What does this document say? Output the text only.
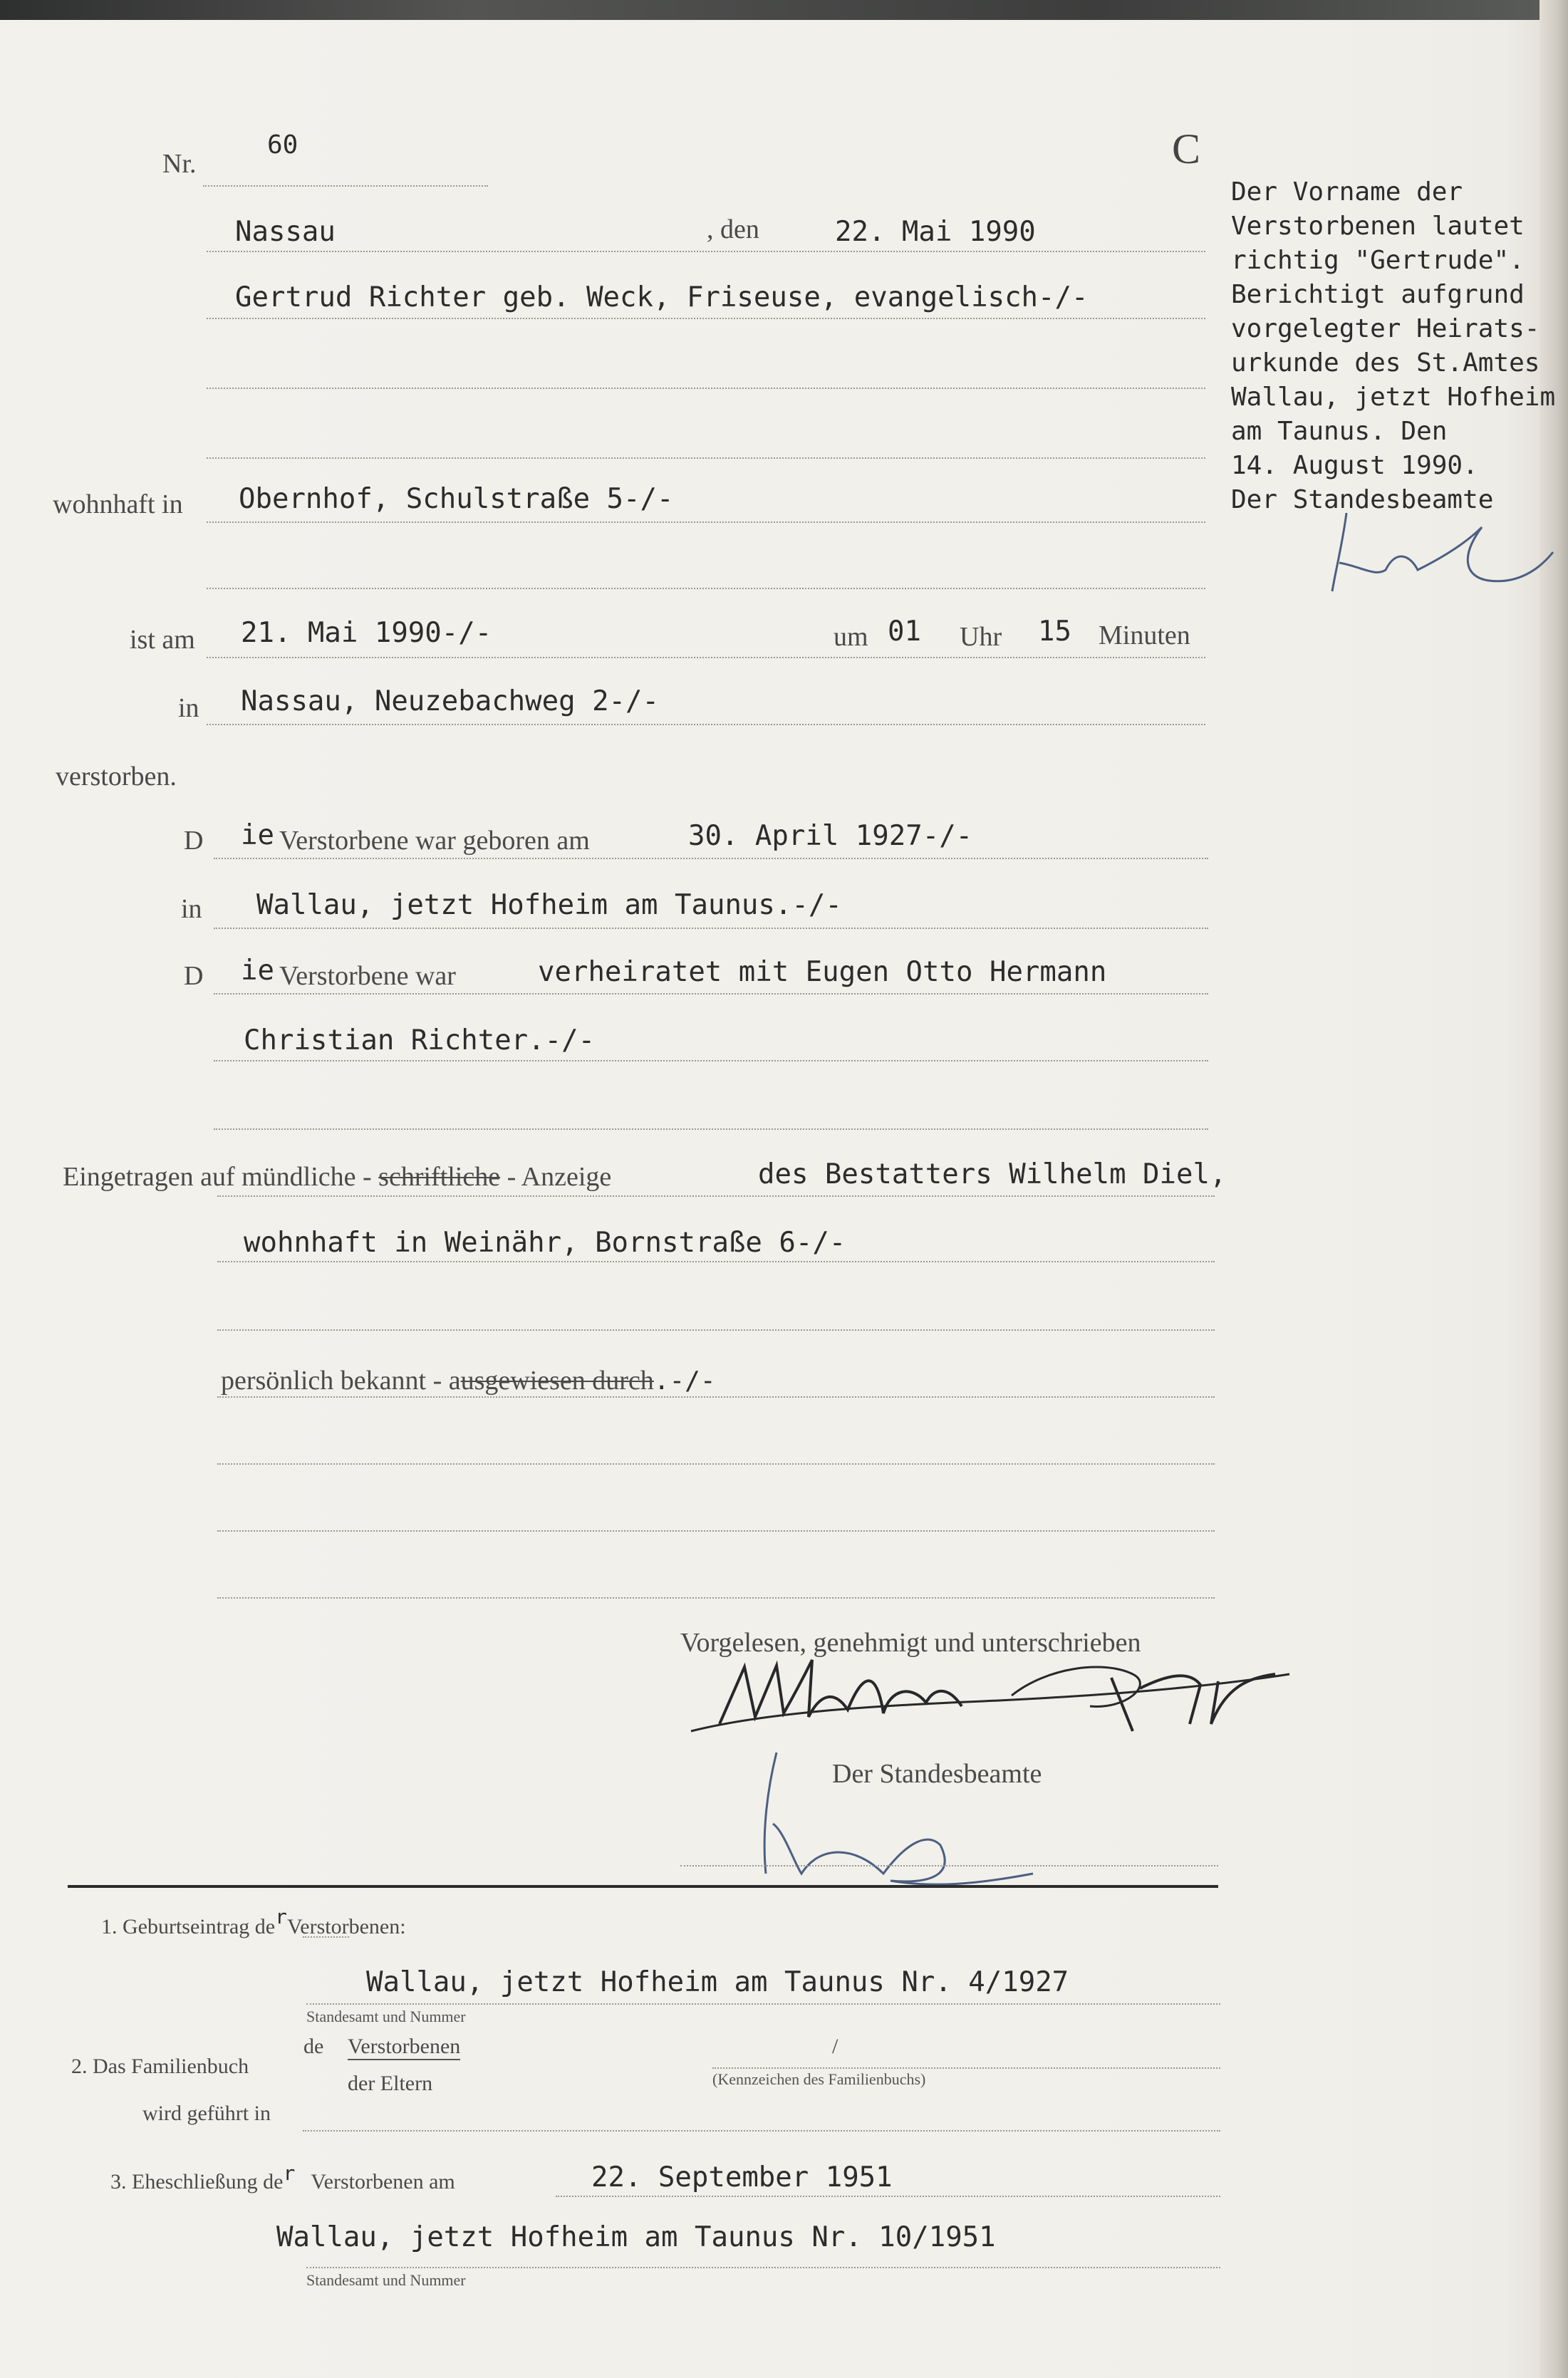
C
Nr.
60
Nassau	, den	22. Mai 1990
Gertrud Richter geb. Weck, Friseuse, evangelisch-/-
wohnhaft in Obernhof, Schulstraße 5-/-
ist am 21. Mai 1990-/-	um 01 Uhr 15 Minuten
in Nassau, Neuzebachweg 2-/-
verstorben.
D ie Verstorbene war geboren am	30. April 1927-/-
in Wallau, jetzt Hofheim am Taunus.-/-
D ie Verstorbene war	verheiratet mit Eugen Otto Hermann
Christian Richter.-/-
Eingetragen auf mündliche - schriftliche - Anzeige	des Bestatters Wilhelm Diel,
wohnhaft in Weinähr, Bornstraße 6-/-
persönlich bekannt - ausgewiesen durch.-/-
Vorgelesen, genehmigt und unterschrieben
Der Standesbeamte
Der Vorname der
Verstorbenen lautet
richtig "Gertrude".
Berichtigt aufgrund
vorgelegter Heirats-
urkunde des St.Amtes
Wallau, jetzt Hofheim
am Taunus. Den
14. August 1990.
Der Standesbeamte
1. Geburtseintrag derVerstorbenen:
Wallau, jetzt Hofheim am Taunus Nr. 4/1927
Standesamt und Nummer
2. Das Familienbuch
de Verstorbenen
der Eltern
/
(Kennzeichen des Familienbuchs)
wird geführt in
3. Eheschließung der Verstorbenen am	22. September 1951
Wallau, jetzt Hofheim am Taunus Nr. 10/1951
Standesamt und Nummer
